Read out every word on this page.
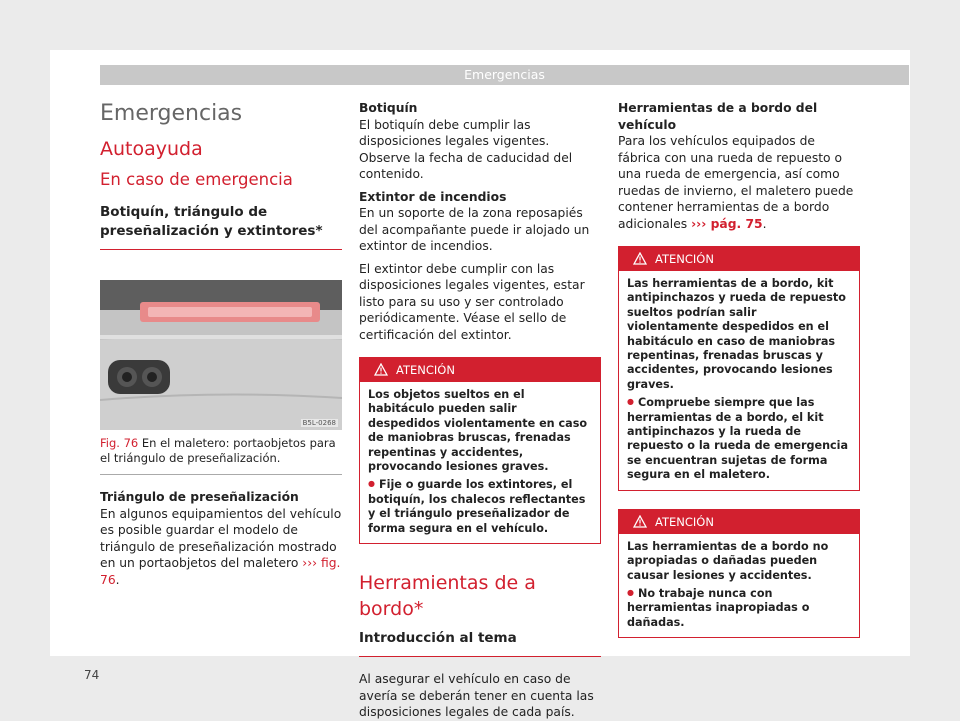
Emergencias
Emergencias
Autoayuda
En caso de emergencia
Botiquín, triángulo de preseñalización y extintores*
B5L-0268
Fig. 76 En el maletero: portaobjetos para el triángulo de preseñalización.
Triángulo de preseñalización

En algunos equipamientos del vehículo es posible guardar el modelo de triángulo de preseñalización mostrado en un portaobjetos del maletero ››› fig. 76.

Botiquín

El botiquín debe cumplir las disposiciones legales vigentes. Observe la fecha de caducidad del contenido.

Extintor de incendios

En un soporte de la zona reposapiés del acompañante puede ir alojado un extintor de incendios.

El extintor debe cumplir con las disposiciones legales vigentes, estar listo para su uso y ser controlado periódicamente. Véase el sello de certificación del extintor.

ATENCIÓN

Los objetos sueltos en el habitáculo pueden salir despedidos violentamente en caso de maniobras bruscas, frenadas repentinas y accidentes, provocando lesiones graves.

● Fije o guarde los extintores, el botiquín, los chalecos reflectantes y el triángulo preseñalizador de forma segura en el vehículo.

Herramientas de a bordo*
Introducción al tema

Al asegurar el vehículo en caso de avería se deberán tener en cuenta las disposiciones legales de cada país.

Herramientas de a bordo del vehículo

Para los vehículos equipados de fábrica con una rueda de repuesto o una rueda de emergencia, así como ruedas de invierno, el maletero puede contener herramientas de a bordo adicionales ››› pág. 75.

ATENCIÓN

Las herramientas de a bordo, kit antipinchazos y rueda de repuesto sueltos podrían salir violentamente despedidos en el habitáculo en caso de maniobras repentinas, frenadas bruscas y accidentes, provocando lesiones graves.

● Compruebe siempre que las herramientas de a bordo, el kit antipinchazos y la rueda de repuesto o la rueda de emergencia se encuentran sujetas de forma segura en el maletero.

ATENCIÓN

Las herramientas de a bordo no apropiadas o dañadas pueden causar lesiones y accidentes.

● No trabaje nunca con herramientas inapropiadas o dañadas.

74
